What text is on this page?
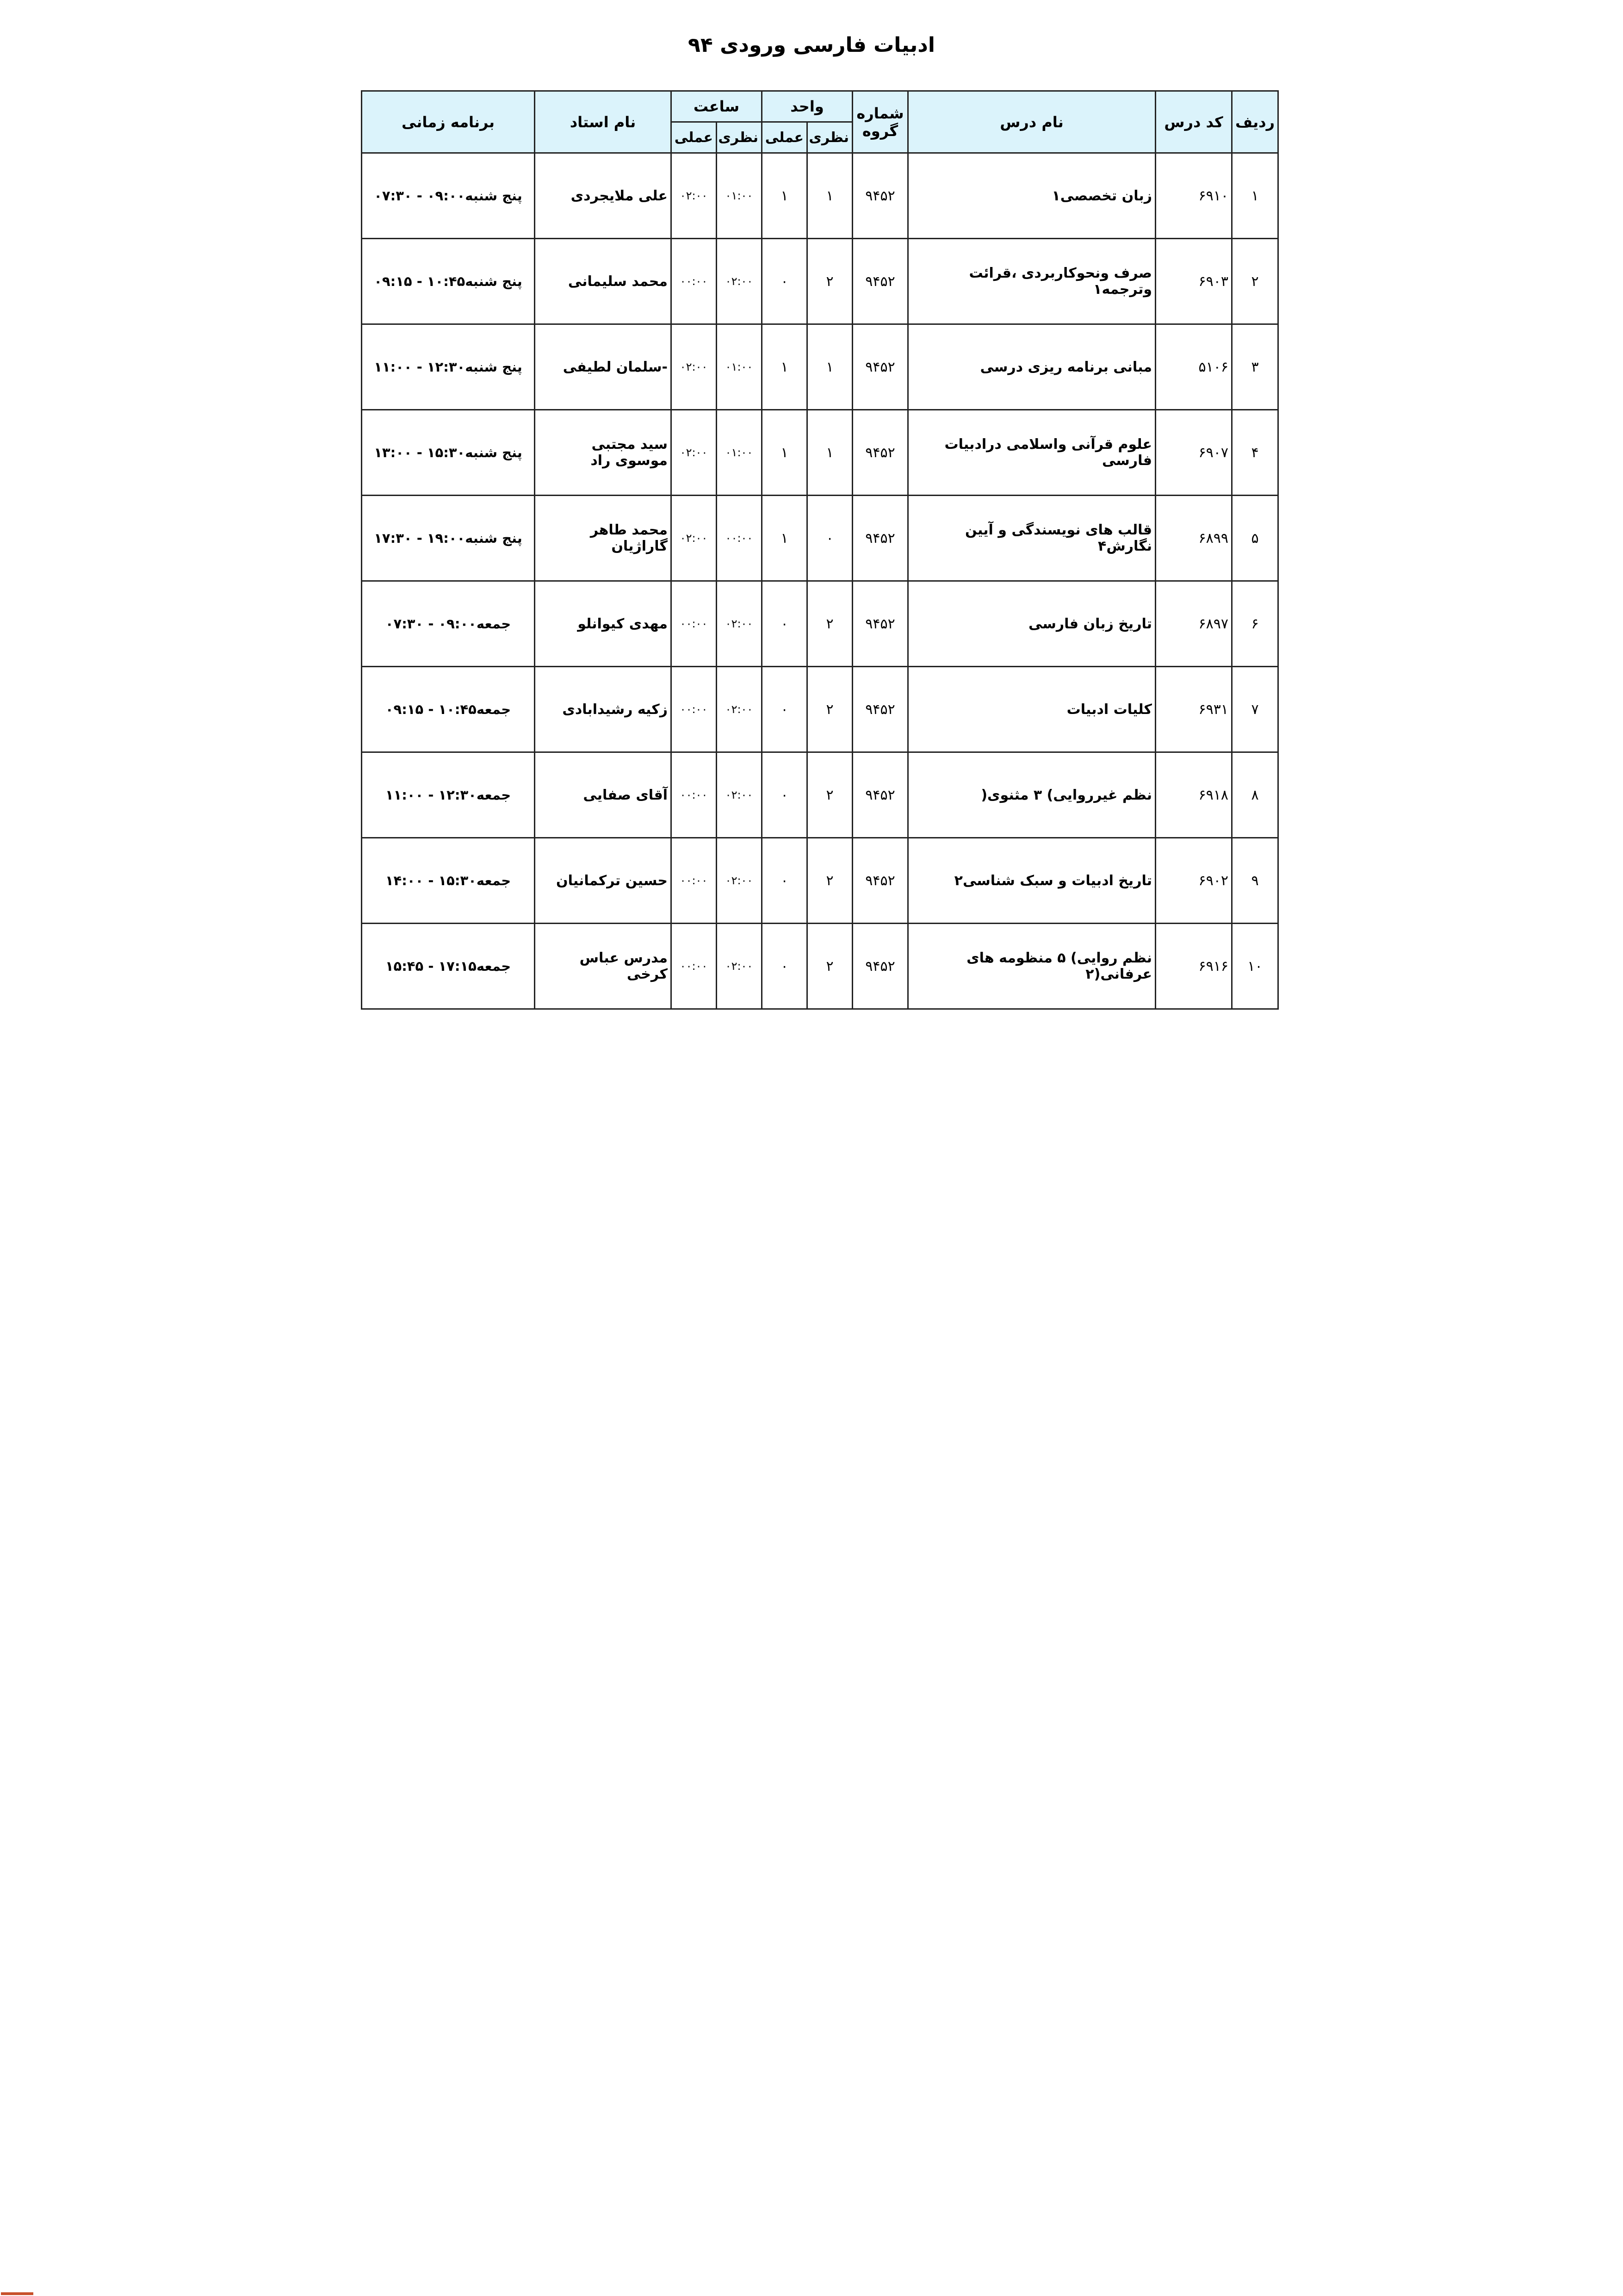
ادبیات فارسی ورودی ۹۴
ردیف	کد درس	نام درس	شماره گروه	واحد		ساعت		نام استاد	برنامه زمانی
				نظری	عملی	نظری	عملی		
۱	۶۹۱۰	زبان تخصصی۱	۹۴۵۲	۱	۱	۰۱:۰۰	۰۲:۰۰	علی ملایجردی	پنج شنبه۰۹:۰۰ - ۰۷:۳۰
۲	۶۹۰۳	صرف ونحوکاربردی ،قرائت وترجمه۱	۹۴۵۲	۲	۰	۰۲:۰۰	۰۰:۰۰	محمد سلیمانی	پنج شنبه۱۰:۴۵ - ۰۹:۱۵
۳	۵۱۰۶	مبانی برنامه ریزی درسی	۹۴۵۲	۱	۱	۰۱:۰۰	۰۲:۰۰	-سلمان لطیفی	پنج شنبه۱۲:۳۰ - ۱۱:۰۰
۴	۶۹۰۷	علوم قرآنی واسلامی درادبیات فارسی	۹۴۵۲	۱	۱	۰۱:۰۰	۰۲:۰۰	سید مجتبی موسوی راد	پنج شنبه۱۵:۳۰ - ۱۳:۰۰
۵	۶۸۹۹	قالب های نویسندگی و آیین نگارش۴	۹۴۵۲	۰	۱	۰۰:۰۰	۰۲:۰۰	محمد طاهر گاراژیان	پنج شنبه۱۹:۰۰ - ۱۷:۳۰
۶	۶۸۹۷	تاریخ زبان فارسی	۹۴۵۲	۲	۰	۰۲:۰۰	۰۰:۰۰	مهدی کیوانلو	جمعه۰۹:۰۰ - ۰۷:۳۰
۷	۶۹۳۱	کلیات ادبیات	۹۴۵۲	۲	۰	۰۲:۰۰	۰۰:۰۰	زکیه رشیدابادی	جمعه۱۰:۴۵ - ۰۹:۱۵
۸	۶۹۱۸	نظم غیرروایی) ۳ مثنوی(	۹۴۵۲	۲	۰	۰۲:۰۰	۰۰:۰۰	آقای صفایی	جمعه۱۲:۳۰ - ۱۱:۰۰
۹	۶۹۰۲	تاریخ ادبیات و سبک شناسی۲	۹۴۵۲	۲	۰	۰۲:۰۰	۰۰:۰۰	حسین ترکمانیان	جمعه۱۵:۳۰ - ۱۴:۰۰
۱۰	۶۹۱۶	نظم روایی) ۵ منظومه های عرفانی(۲	۹۴۵۲	۲	۰	۰۲:۰۰	۰۰:۰۰	مدرس عباس کرخی	جمعه۱۷:۱۵ - ۱۵:۴۵
